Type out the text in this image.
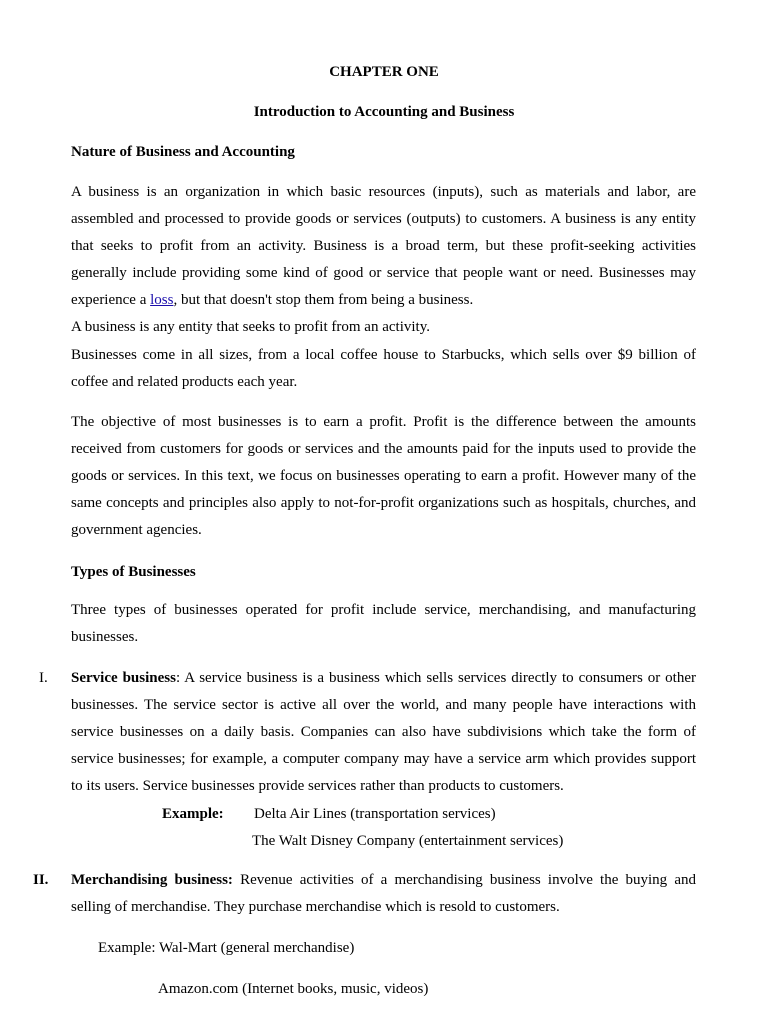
CHAPTER ONE
Introduction to Accounting and Business
Nature of Business and Accounting

A business is an organization in which basic resources (inputs), such as materials and labor, are assembled and processed to provide goods or services (outputs) to customers. A business is any entity that seeks to profit from an activity. Business is a broad term, but these profit-seeking activities generally include providing some kind of good or service that people want or need. Businesses may experience a loss, but that doesn't stop them from being a business.

A business is any entity that seeks to profit from an activity.

Businesses come in all sizes, from a local coffee house to Starbucks, which sells over $9 billion of coffee and related products each year.

The objective of most businesses is to earn a profit. Profit is the difference between the amounts received from customers for goods or services and the amounts paid for the inputs used to provide the goods or services. In this text, we focus on businesses operating to earn a profit. However many of the same concepts and principles also apply to not-for-profit organizations such as hospitals, churches, and government agencies.

Types of Businesses

Three types of businesses operated for profit include service, merchandising, and manufacturing businesses.

I. Service business: A service business is a business which sells services directly to consumers or other businesses. The service sector is active all over the world, and many people have interactions with service businesses on a daily basis. Companies can also have subdivisions which take the form of service businesses; for example, a computer company may have a service arm which provides support to its users. Service businesses provide services rather than products to customers.

Example: Delta Air Lines (transportation services)
The Walt Disney Company (entertainment services)
II. Merchandising business: Revenue activities of a merchandising business involve the buying and selling of merchandise. They purchase merchandise which is resold to customers.

Example: Wal-Mart (general merchandise)
Amazon.com (Internet books, music, videos)
